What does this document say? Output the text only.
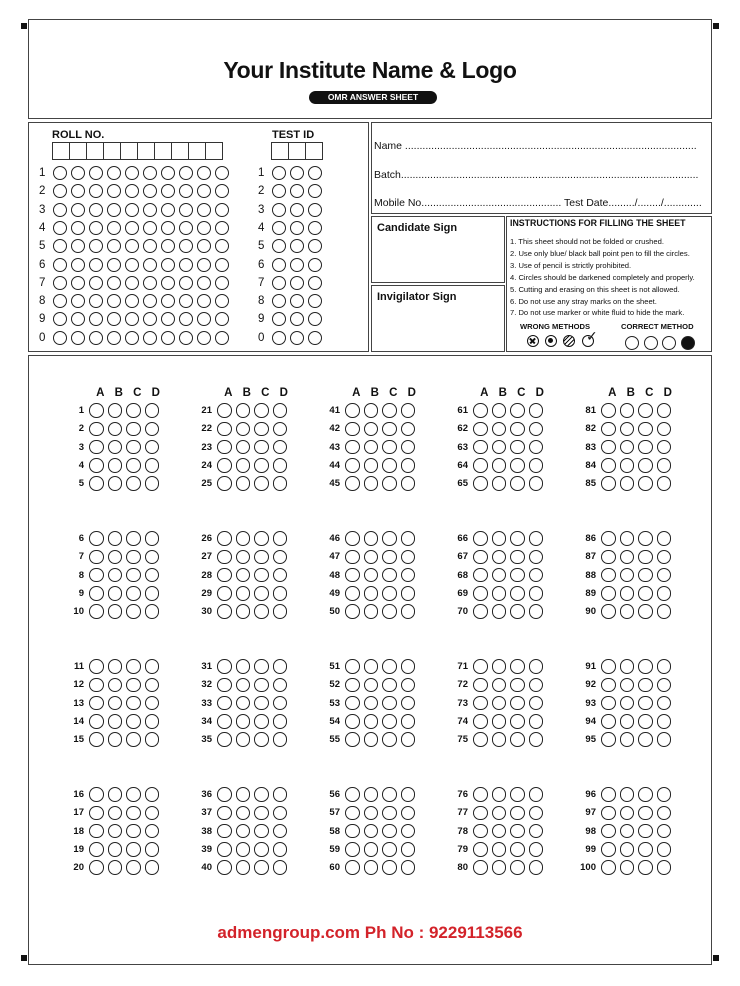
Your Institute Name & Logo
OMR ANSWER SHEET
ROLL NO.	TEST ID
1
2
3
4
5
6
7
8
9
0
1
2
3
4
5
6
7
8
9
0
Name ....................................................................................................
Batch......................................................................................................
Mobile No................................................ Test Date........./......../.............
Candidate Sign
Invigilator Sign
INSTRUCTIONS FOR FILLING THE SHEET
1. This sheet should not be folded or crushed.
2. Use only blue/ black ball point pen to fill the circles.
3. Use of pencil is strictly prohibited.
4. Circles should be darkened completely and properly.
5. Cutting and erasing on this sheet is not allowed.
6. Do not use any stray marks on the sheet.
7. Do not use marker or white fluid to hide the mark.
WRONG METHODS	CORRECT METHOD
✓
A B C D
1
2
3
4
5
6
7
8
9
10
11
12
13
14
15
16
17
18
19
20
A B C D
21
22
23
24
25
26
27
28
29
30
31
32
33
34
35
36
37
38
39
40
A B C D
41
42
43
44
45
46
47
48
49
50
51
52
53
54
55
56
57
58
59
60
A B C D
61
62
63
64
65
66
67
68
69
70
71
72
73
74
75
76
77
78
79
80
A B C D
81
82
83
84
85
86
87
88
89
90
91
92
93
94
95
96
97
98
99
100
admengroup.com Ph No : 9229113566
